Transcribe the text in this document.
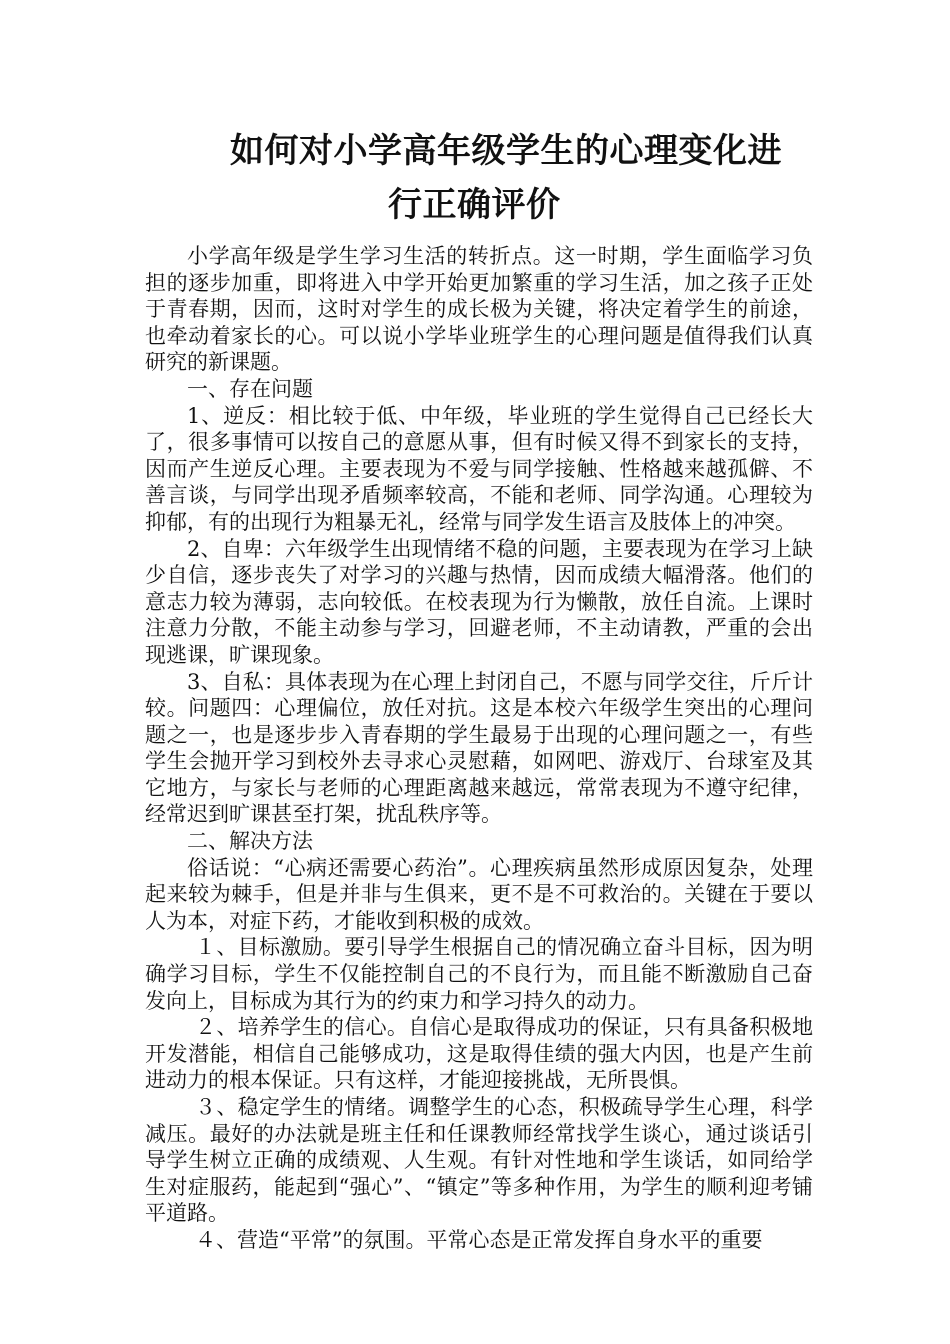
如何对小学高年级学生的心理变化进
行正确评价

小学高年级是学生学习生活的转折点。这一时期，学生面临学习负担的逐步加重，即将进入中学开始更加繁重的学习生活，加之孩子正处于青春期，因而，这时对学生的成长极为关键，将决定着学生的前途，也牵动着家长的心。可以说小学毕业班学生的心理问题是值得我们认真研究的新课题。

一、存在问题

1、逆反：相比较于低、中年级，毕业班的学生觉得自己已经长大了，很多事情可以按自己的意愿从事，但有时候又得不到家长的支持，因而产生逆反心理。主要表现为不爱与同学接触、性格越来越孤僻、不善言谈，与同学出现矛盾频率较高，不能和老师、同学沟通。心理较为抑郁，有的出现行为粗暴无礼，经常与同学发生语言及肢体上的冲突。

2、自卑：六年级学生出现情绪不稳的问题，主要表现为在学习上缺少自信，逐步丧失了对学习的兴趣与热情，因而成绩大幅滑落。他们的意志力较为薄弱，志向较低。在校表现为行为懒散，放任自流。上课时注意力分散，不能主动参与学习，回避老师，不主动请教，严重的会出现逃课，旷课现象。

3、自私：具体表现为在心理上封闭自己，不愿与同学交往，斤斤计较。问题四：心理偏位，放任对抗。这是本校六年级学生突出的心理问题之一，也是逐步步入青春期的学生最易于出现的心理问题之一，有些学生会抛开学习到校外去寻求心灵慰藉，如网吧、游戏厅、台球室及其它地方，与家长与老师的心理距离越来越远，常常表现为不遵守纪律，经常迟到旷课甚至打架，扰乱秩序等。

二、解决方法

俗话说：“心病还需要心药治”。心理疾病虽然形成原因复杂，处理起来较为棘手，但是并非与生俱来，更不是不可救治的。关键在于要以人为本，对症下药，才能收到积极的成效。

１、目标激励。要引导学生根据自己的情况确立奋斗目标，因为明确学习目标，学生不仅能控制自己的不良行为，而且能不断激励自己奋发向上，目标成为其行为的约束力和学习持久的动力。

２、培养学生的信心。自信心是取得成功的保证，只有具备积极地开发潜能，相信自己能够成功，这是取得佳绩的强大内因，也是产生前进动力的根本保证。只有这样，才能迎接挑战，无所畏惧。

３、稳定学生的情绪。调整学生的心态，积极疏导学生心理，科学减压。最好的办法就是班主任和任课教师经常找学生谈心，通过谈话引导学生树立正确的成绩观、人生观。有针对性地和学生谈话，如同给学生对症服药，能起到“强心”、“镇定”等多种作用，为学生的顺利迎考铺平道路。

４、营造“平常”的氛围。平常心态是正常发挥自身水平的重要
